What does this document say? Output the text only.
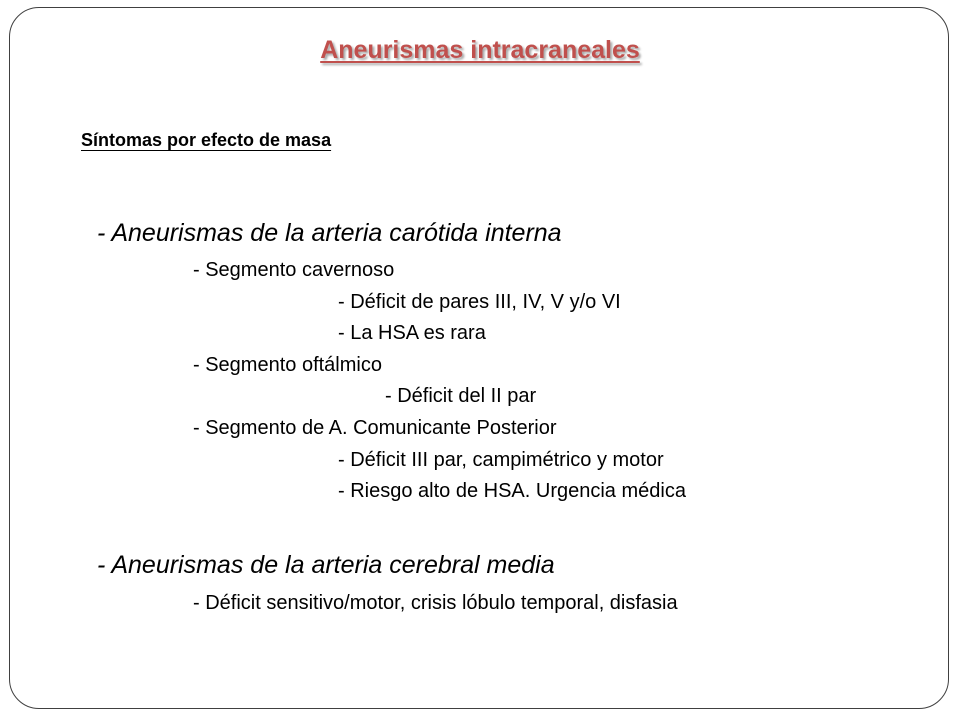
Aneurismas intracraneales
Síntomas por efecto de masa
- Aneurismas de la arteria carótida interna
- Segmento cavernoso
- Déficit de pares III, IV, V y/o VI
- La HSA es rara
- Segmento oftálmico
- Déficit del II par
- Segmento de A. Comunicante Posterior
- Déficit III par, campimétrico y motor
- Riesgo alto de HSA. Urgencia médica
- Aneurismas de la arteria cerebral media
- Déficit sensitivo/motor, crisis lóbulo temporal, disfasia
